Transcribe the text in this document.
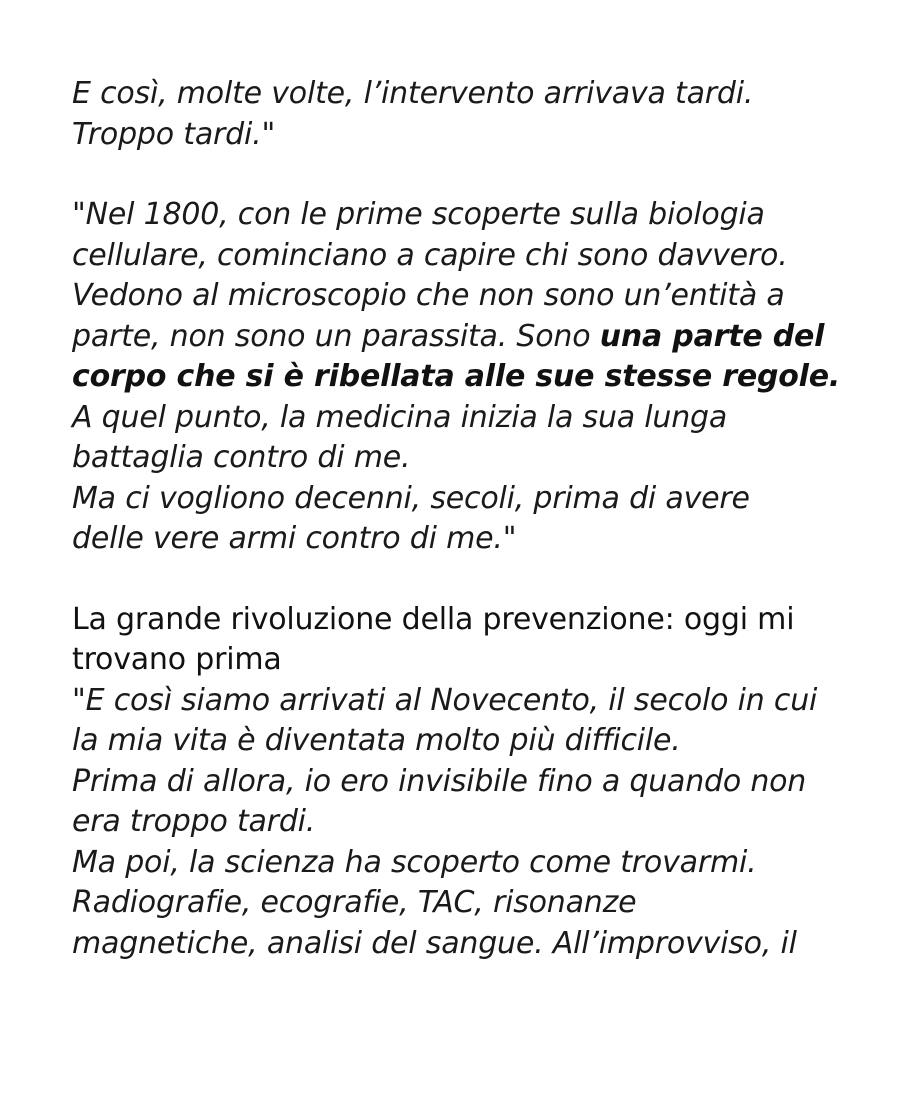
E così, molte volte, l’intervento arrivava tardi.
Troppo tardi."

"Nel 1800, con le prime scoperte sulla biologia
cellulare, cominciano a capire chi sono davvero.
Vedono al microscopio che non sono un’entità a
parte, non sono un parassita. Sono una parte del
corpo che si è ribellata alle sue stesse regole.
A quel punto, la medicina inizia la sua lunga
battaglia contro di me.
Ma ci vogliono decenni, secoli, prima di avere
delle vere armi contro di me."

La grande rivoluzione della prevenzione: oggi mi
trovano prima

"E così siamo arrivati al Novecento, il secolo in cui
la mia vita è diventata molto più difficile.
Prima di allora, io ero invisibile fino a quando non
era troppo tardi.
Ma poi, la scienza ha scoperto come trovarmi.
Radiografie, ecografie, TAC, risonanze
magnetiche, analisi del sangue. All’improvviso, il
